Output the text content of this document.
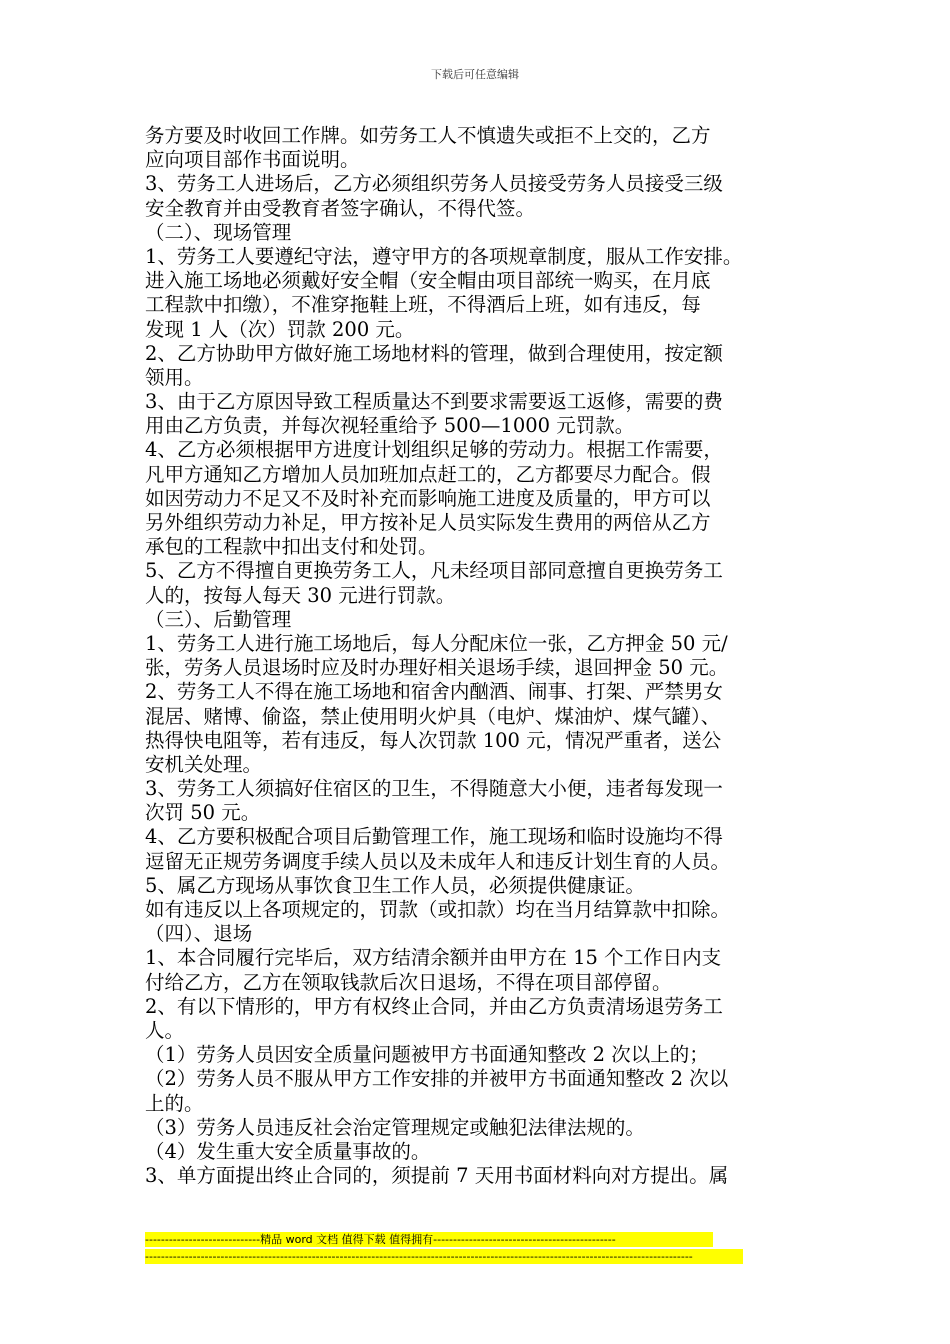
下载后可任意编辑
务方要及时收回工作牌。如劳务工人不慎遗失或拒不上交的，乙方
应向项目部作书面说明。
3、劳务工人进场后，乙方必须组织劳务人员接受劳务人员接受三级
安全教育并由受教育者签字确认，不得代签。
（二）、现场管理
1、劳务工人要遵纪守法，遵守甲方的各项规章制度，服从工作安排。
进入施工场地必须戴好安全帽（安全帽由项目部统一购买，在月底
工程款中扣缴），不准穿拖鞋上班，不得酒后上班，如有违反，每
发现 1 人（次）罚款 200 元。
2、乙方协助甲方做好施工场地材料的管理，做到合理使用，按定额
领用。
3、由于乙方原因导致工程质量达不到要求需要返工返修，需要的费
用由乙方负责，并每次视轻重给予 500—1000 元罚款。
4、乙方必须根据甲方进度计划组织足够的劳动力。根据工作需要，
凡甲方通知乙方增加人员加班加点赶工的，乙方都要尽力配合。假
如因劳动力不足又不及时补充而影响施工进度及质量的，甲方可以
另外组织劳动力补足，甲方按补足人员实际发生费用的两倍从乙方
承包的工程款中扣出支付和处罚。
5、乙方不得擅自更换劳务工人，凡未经项目部同意擅自更换劳务工
人的，按每人每天 30 元进行罚款。
（三）、后勤管理
1、劳务工人进行施工场地后，每人分配床位一张，乙方押金 50 元/
张，劳务人员退场时应及时办理好相关退场手续，退回押金 50 元。
2、劳务工人不得在施工场地和宿舍内酗酒、闹事、打架、严禁男女
混居、赌博、偷盗，禁止使用明火炉具（电炉、煤油炉、煤气罐）、
热得快电阻等，若有违反，每人次罚款 100 元，情况严重者，送公
安机关处理。
3、劳务工人须搞好住宿区的卫生，不得随意大小便，违者每发现一
次罚 50 元。
4、乙方要积极配合项目后勤管理工作，施工现场和临时设施均不得
逗留无正规劳务调度手续人员以及未成年人和违反计划生育的人员。
5、属乙方现场从事饮食卫生工作人员，必须提供健康证。
如有违反以上各项规定的，罚款（或扣款）均在当月结算款中扣除。
（四）、退场
1、本合同履行完毕后，双方结清余额并由甲方在 15 个工作日内支
付给乙方，乙方在领取钱款后次日退场，不得在项目部停留。
2、有以下情形的，甲方有权终止合同，并由乙方负责清场退劳务工
人。
（1）劳务人员因安全质量问题被甲方书面通知整改 2 次以上的；
（2）劳务人员不服从甲方工作安排的并被甲方书面通知整改 2 次以
上的。
（3）劳务人员违反社会治定管理规定或触犯法律法规的。
（4）发生重大安全质量事故的。
3、单方面提出终止合同的，须提前 7 天用书面材料向对方提出。属
-----------------------------精品 word 文档 值得下载 值得拥有----------------------------------------------
------------------------------------------------------------------------------------------------------------------------------------------
